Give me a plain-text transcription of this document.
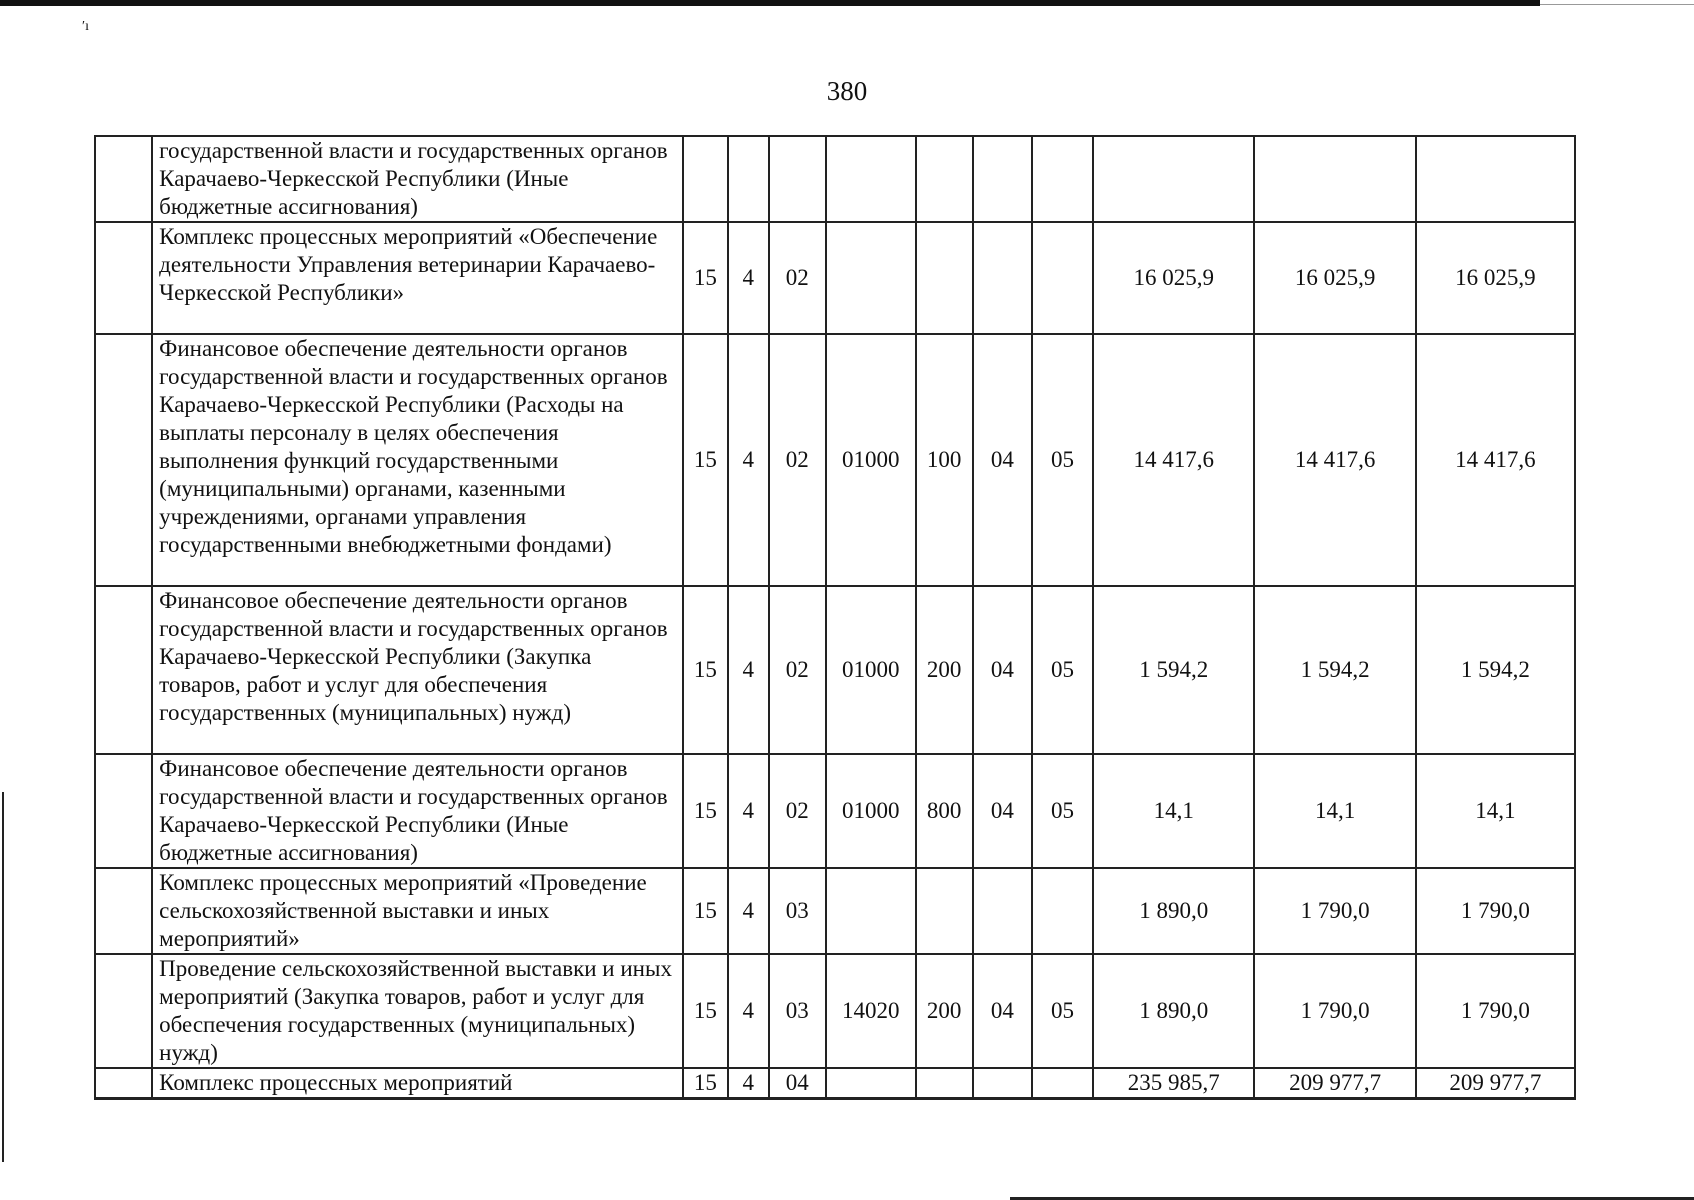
′ı
380
	государственной власти и государственных органов Карачаево-Черкесской Республики (Иные бюджетные ассигнования)										
	Комплекс процессных мероприятий «Обеспечение деятельности Управления ветеринарии Карачаево-Черкесской Республики»	15	4	02					16 025,9	16 025,9	16 025,9
	Финансовое обеспечение деятельности органов государственной власти и государственных органов Карачаево-Черкесской Республики (Расходы на выплаты персоналу в целях обеспечения выполнения функций государственными (муниципальными) органами, казенными учреждениями, органами управления государственными внебюджетными фондами)	15	4	02	01000	100	04	05	14 417,6	14 417,6	14 417,6
	Финансовое обеспечение деятельности органов государственной власти и государственных органов Карачаево-Черкесской Республики (Закупка товаров, работ и услуг для обеспечения государственных (муниципальных) нужд)	15	4	02	01000	200	04	05	1 594,2	1 594,2	1 594,2
	Финансовое обеспечение деятельности органов государственной власти и государственных органов Карачаево-Черкесской Республики (Иные бюджетные ассигнования)	15	4	02	01000	800	04	05	14,1	14,1	14,1
	Комплекс процессных мероприятий «Проведение сельскохозяйственной выставки и иных мероприятий»	15	4	03					1 890,0	1 790,0	1 790,0
	Проведение сельскохозяйственной выставки и иных мероприятий (Закупка товаров, работ и услуг для обеспечения государственных (муниципальных) нужд)	15	4	03	14020	200	04	05	1 890,0	1 790,0	1 790,0
	Комплекс процессных мероприятий	15	4	04					235 985,7	209 977,7	209 977,7
